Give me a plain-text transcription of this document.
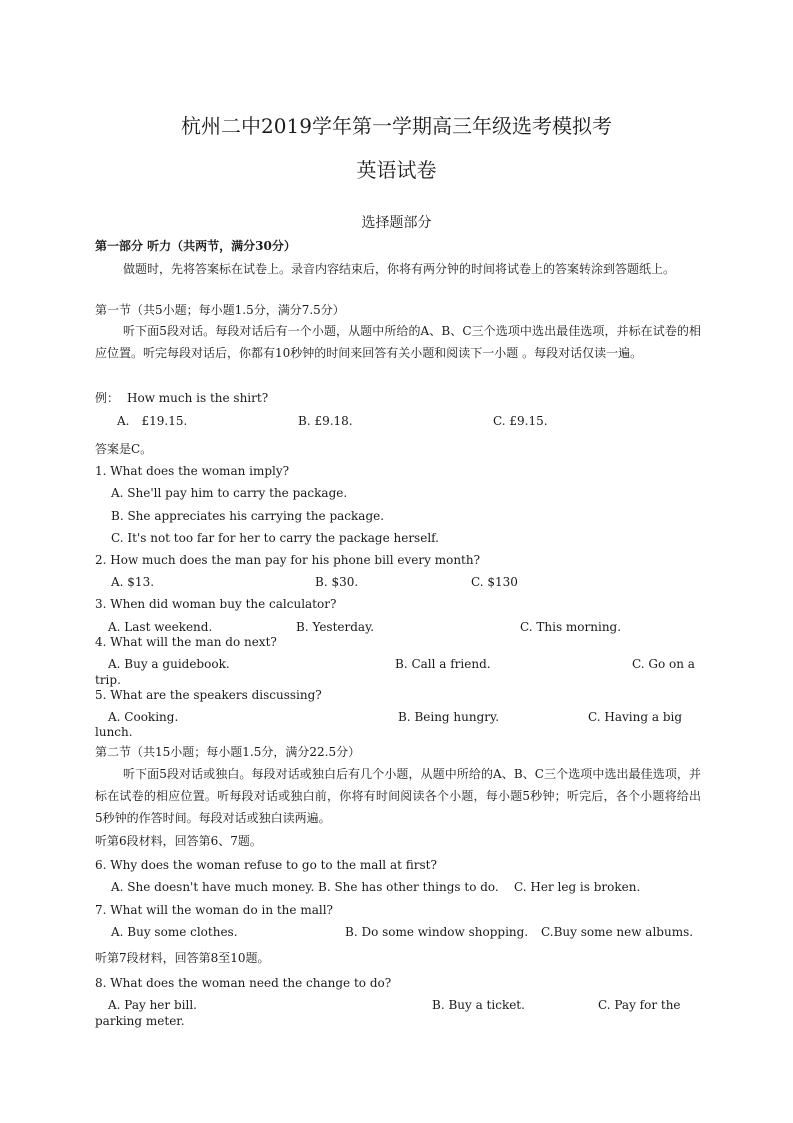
杭州二中2019学年第一学期高三年级选考模拟考
英语试卷
选择题部分
第一部分 听力（共两节，满分30分）
做题时，先将答案标在试卷上。录音内容结束后，你将有两分钟的时间将试卷上的答案转涂到答题纸上。
第一节（共5小题；每小题1.5分，满分7.5分）
听下面5段对话。每段对话后有一个小题，从题中所给的A、B、C三个选项中选出最佳选项，并标在试卷的相应位置。听完每段对话后，你都有10秒钟的时间来回答有关小题和阅读下一小题 。每段对话仅读一遍。
例： How much is the shirt?
A.　£19.15.	B. £9.18.	C. £9.15.
答案是C。
1. What does the woman imply?
A. She'll pay him to carry the package.
B. She appreciates his carrying the package.
C. It's not too far for her to carry the package herself.
2. How much does the man pay for his phone bill every month?
A. $13.	B. $30.	C. $130
3. When did woman buy the calculator?
A. Last weekend.	B. Yesterday.	C. This morning.
4. What will the man do next?
A. Buy a guidebook.	B. Call a friend.	C. Go on a
trip.
5. What are the speakers discussing?
A. Cooking.	B. Being hungry.	C. Having a big
lunch.
第二节（共15小题；每小题1.5分，满分22.5分）
听下面5段对话或独白。每段对话或独白后有几个小题，从题中所给的A、B、C三个选项中选出最佳选项，并标在试卷的相应位置。听每段对话或独白前，你将有时间阅读各个小题，每小题5秒钟；听完后，各个小题将给出 5秒钟的作答时间。每段对话或独白读两遍。
听第6段材料，回答第6、7题。
6. Why does the woman refuse to go to the mall at first?
A. She doesn't have much money. B. She has other things to do. C. Her leg is broken.
7. What will the woman do in the mall?
A. Buy some clothes.	B. Do some window shopping. C.Buy some new albums.
听第7段材料，回答第8至10题。
8. What does the woman need the change to do?
A. Pay her bill.	B. Buy a ticket.	C. Pay for the
parking meter.
